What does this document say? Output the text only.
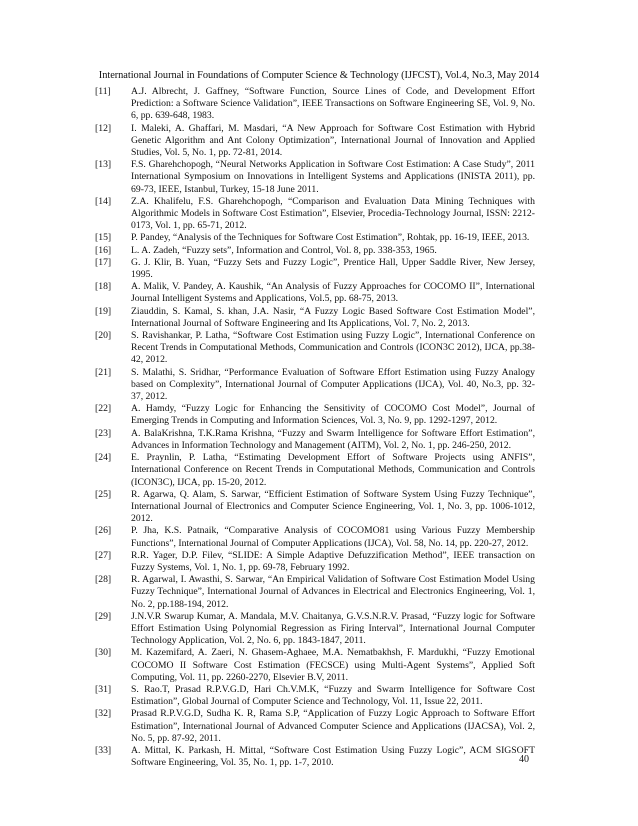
International Journal in Foundations of Computer Science & Technology (IJFCST), Vol.4, No.3, May 2014
[11]	A.J. Albrecht, J. Gaffney, “Software Function, Source Lines of Code, and Development Effort Prediction: a Software Science Validation”, IEEE Transactions on Software Engineering SE, Vol. 9, No. 6, pp. 639-648, 1983.
[12]	I. Maleki, A. Ghaffari, M. Masdari, “A New Approach for Software Cost Estimation with Hybrid Genetic Algorithm and Ant Colony Optimization”, International Journal of Innovation and Applied Studies, Vol. 5, No. 1, pp. 72-81, 2014.
[13]	F.S. Gharehchopogh, “Neural Networks Application in Software Cost Estimation: A Case Study”, 2011 International Symposium on Innovations in Intelligent Systems and Applications (INISTA 2011), pp. 69-73, IEEE, Istanbul, Turkey, 15-18 June 2011.
[14]	Z.A. Khalifelu, F.S. Gharehchopogh, “Comparison and Evaluation Data Mining Techniques with Algorithmic Models in Software Cost Estimation”, Elsevier, Procedia-Technology Journal, ISSN: 2212-0173, Vol. 1, pp. 65-71, 2012.
[15]	P. Pandey, “Analysis of the Techniques for Software Cost Estimation”, Rohtak, pp. 16-19, IEEE, 2013.
[16]	L. A. Zadeh, “Fuzzy sets”, Information and Control, Vol. 8, pp. 338-353, 1965.
[17]	G. J. Klir, B. Yuan, “Fuzzy Sets and Fuzzy Logic”, Prentice Hall, Upper Saddle River, New Jersey, 1995.
[18]	A. Malik, V. Pandey, A. Kaushik, “An Analysis of Fuzzy Approaches for COCOMO II”, International Journal Intelligent Systems and Applications, Vol.5, pp. 68-75, 2013.
[19]	Ziauddin, S. Kamal, S. khan, J.A. Nasir, “A Fuzzy Logic Based Software Cost Estimation Model”, International Journal of Software Engineering and Its Applications, Vol. 7, No. 2, 2013.
[20]	S. Ravishankar, P. Latha, “Software Cost Estimation using Fuzzy Logic”, International Conference on Recent Trends in Computational Methods, Communication and Controls (ICON3C 2012), IJCA, pp.38-42, 2012.
[21]	S. Malathi, S. Sridhar, “Performance Evaluation of Software Effort Estimation using Fuzzy Analogy based on Complexity”, International Journal of Computer Applications (IJCA), Vol. 40, No.3, pp. 32-37, 2012.
[22]	A. Hamdy, “Fuzzy Logic for Enhancing the Sensitivity of COCOMO Cost Model”, Journal of Emerging Trends in Computing and Information Sciences, Vol. 3, No. 9, pp. 1292-1297, 2012.
[23]	A. BalaKrishna, T.K.Rama Krishna, “Fuzzy and Swarm Intelligence for Software Effort Estimation”, Advances in Information Technology and Management (AITM), Vol. 2, No. 1, pp. 246-250, 2012.
[24]	E. Praynlin, P. Latha, “Estimating Development Effort of Software Projects using ANFIS”, International Conference on Recent Trends in Computational Methods, Communication and Controls (ICON3C), IJCA, pp. 15-20, 2012.
[25]	R. Agarwa, Q. Alam, S. Sarwar, “Efficient Estimation of Software System Using Fuzzy Technique”, International Journal of Electronics and Computer Science Engineering, Vol. 1, No. 3, pp. 1006-1012, 2012.
[26]	P. Jha, K.S. Patnaik, “Comparative Analysis of COCOMO81 using Various Fuzzy Membership Functions”, International Journal of Computer Applications (IJCA), Vol. 58, No. 14, pp. 220-27, 2012.
[27]	R.R. Yager, D.P. Filev, “SLIDE: A Simple Adaptive Defuzzification Method”, IEEE transaction on Fuzzy Systems, Vol. 1, No. 1, pp. 69-78, February 1992.
[28]	R. Agarwal, I. Awasthi, S. Sarwar, “An Empirical Validation of Software Cost Estimation Model Using Fuzzy Technique”, International Journal of Advances in Electrical and Electronics Engineering, Vol. 1, No. 2, pp.188-194, 2012.
[29]	J.N.V.R Swarup Kumar, A. Mandala, M.V. Chaitanya, G.V.S.N.R.V. Prasad, “Fuzzy logic for Software Effort Estimation Using Polynomial Regression as Firing Interval”, International Journal Computer Technology Application, Vol. 2, No. 6, pp. 1843-1847, 2011.
[30]	M. Kazemifard, A. Zaeri, N. Ghasem-Aghaee, M.A. Nematbakhsh, F. Mardukhi, “Fuzzy Emotional COCOMO II Software Cost Estimation (FECSCE) using Multi-Agent Systems”, Applied Soft Computing, Vol. 11, pp. 2260-2270, Elsevier B.V, 2011.
[31]	S. Rao.T, Prasad R.P.V.G.D, Hari Ch.V.M.K, “Fuzzy and Swarm Intelligence for Software Cost Estimation”, Global Journal of Computer Science and Technology, Vol. 11, Issue 22, 2011.
[32]	Prasad R.P.V.G.D, Sudha K. R, Rama S.P, “Application of Fuzzy Logic Approach to Software Effort Estimation”, International Journal of Advanced Computer Science and Applications (IJACSA), Vol. 2, No. 5, pp. 87-92, 2011.
[33]	A. Mittal, K. Parkash, H. Mittal, “Software Cost Estimation Using Fuzzy Logic”, ACM SIGSOFT Software Engineering, Vol. 35, No. 1, pp. 1-7, 2010.	40
